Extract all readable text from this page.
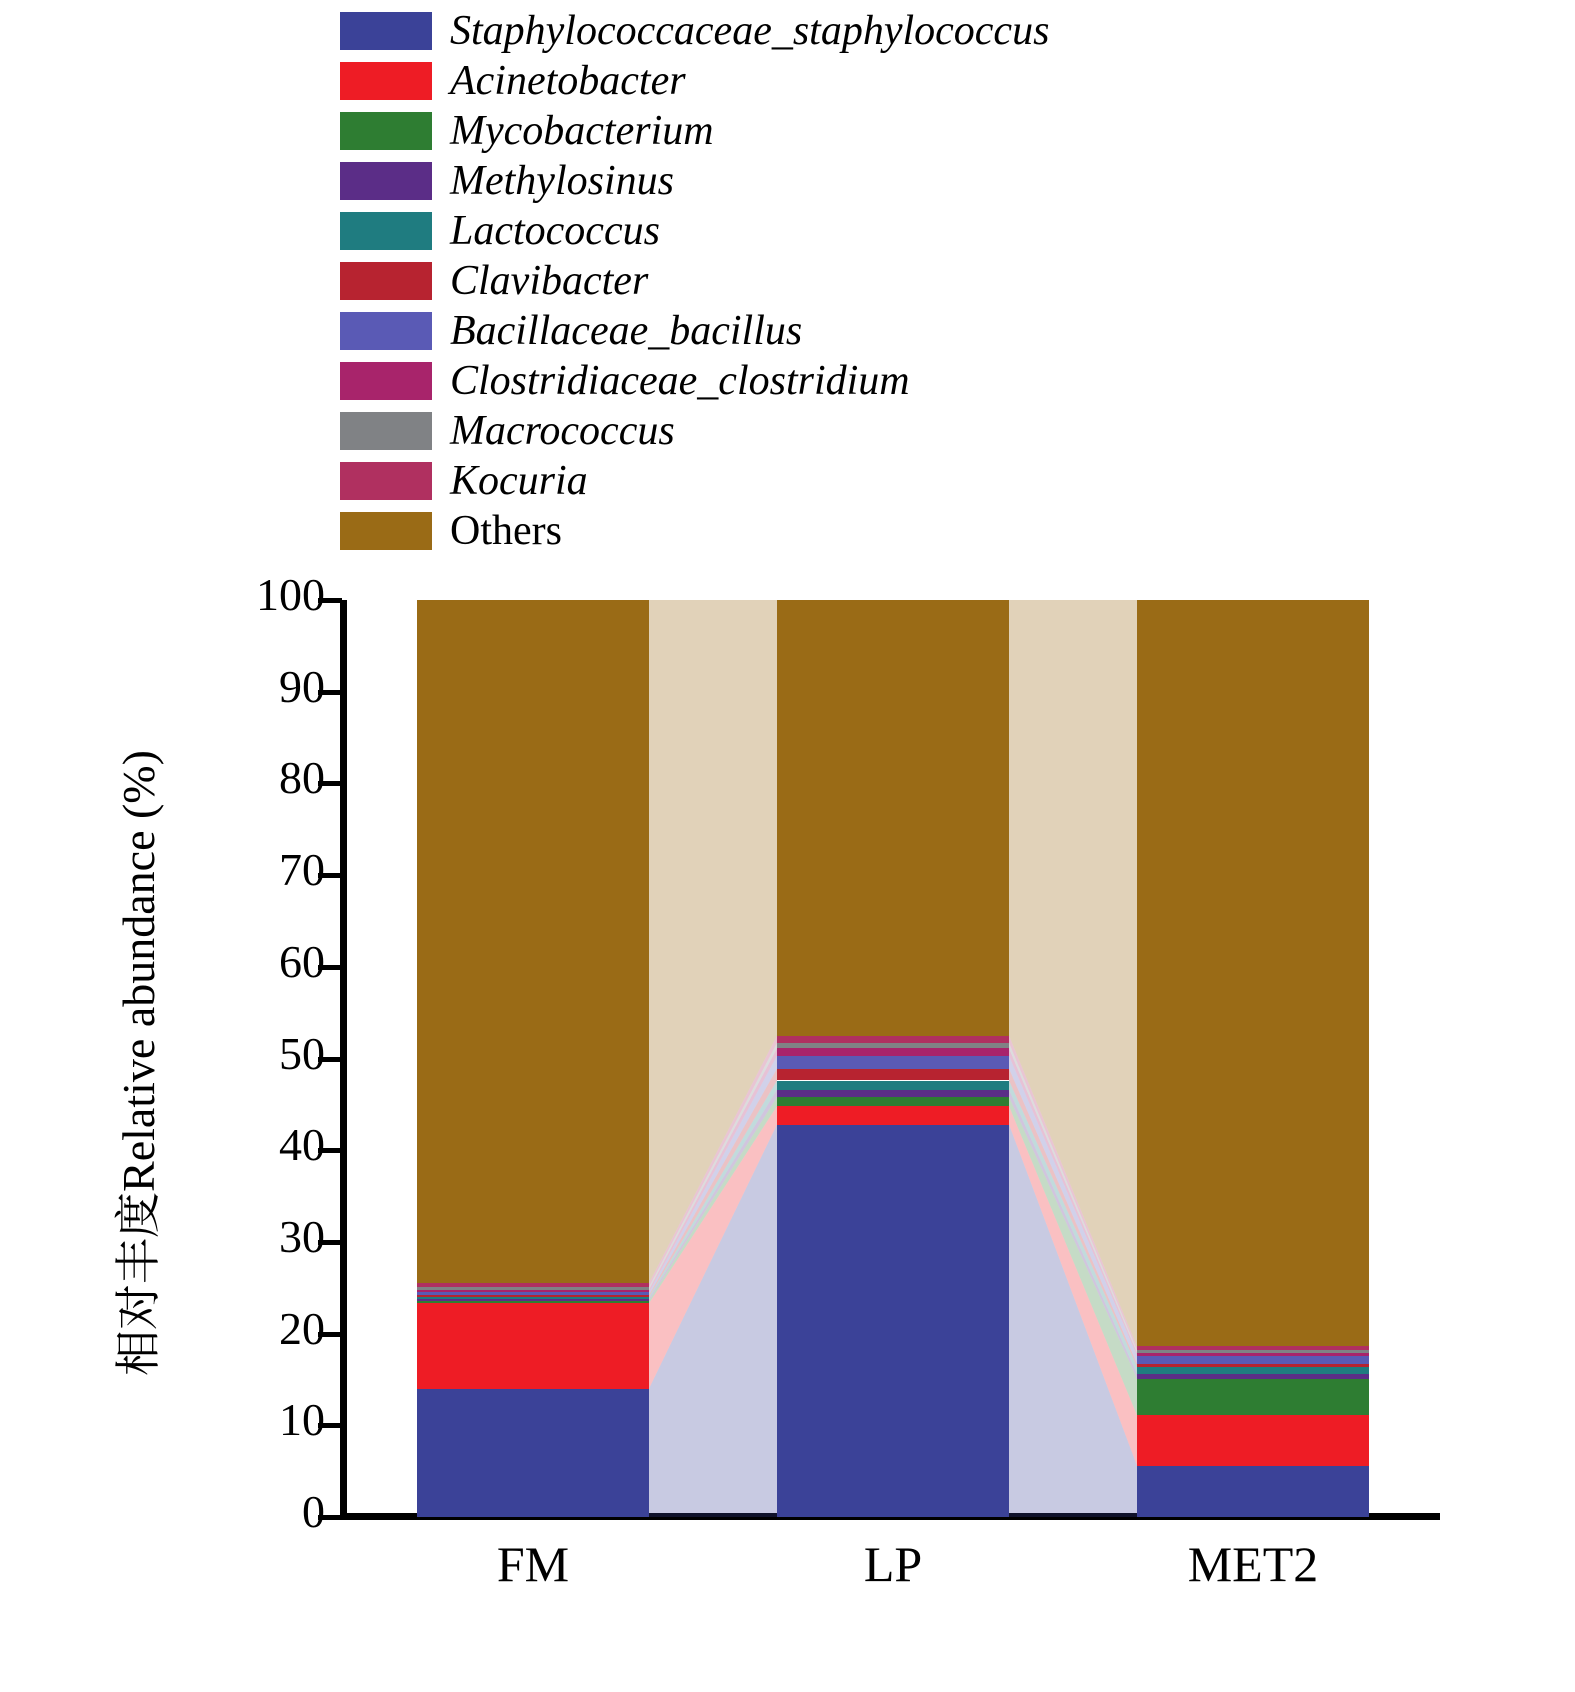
Staphylococcaceae_staphylococcus
Acinetobacter
Mycobacterium
Methylosinus
Lactococcus
Clavibacter
Bacillaceae_bacillus
Clostridiaceae_clostridium
Macrococcus
Kocuria
Others
相对丰度Relative abundance (%)
0
10
20
30
40
50
60
70
80
90
100
FM	LP	MET2
